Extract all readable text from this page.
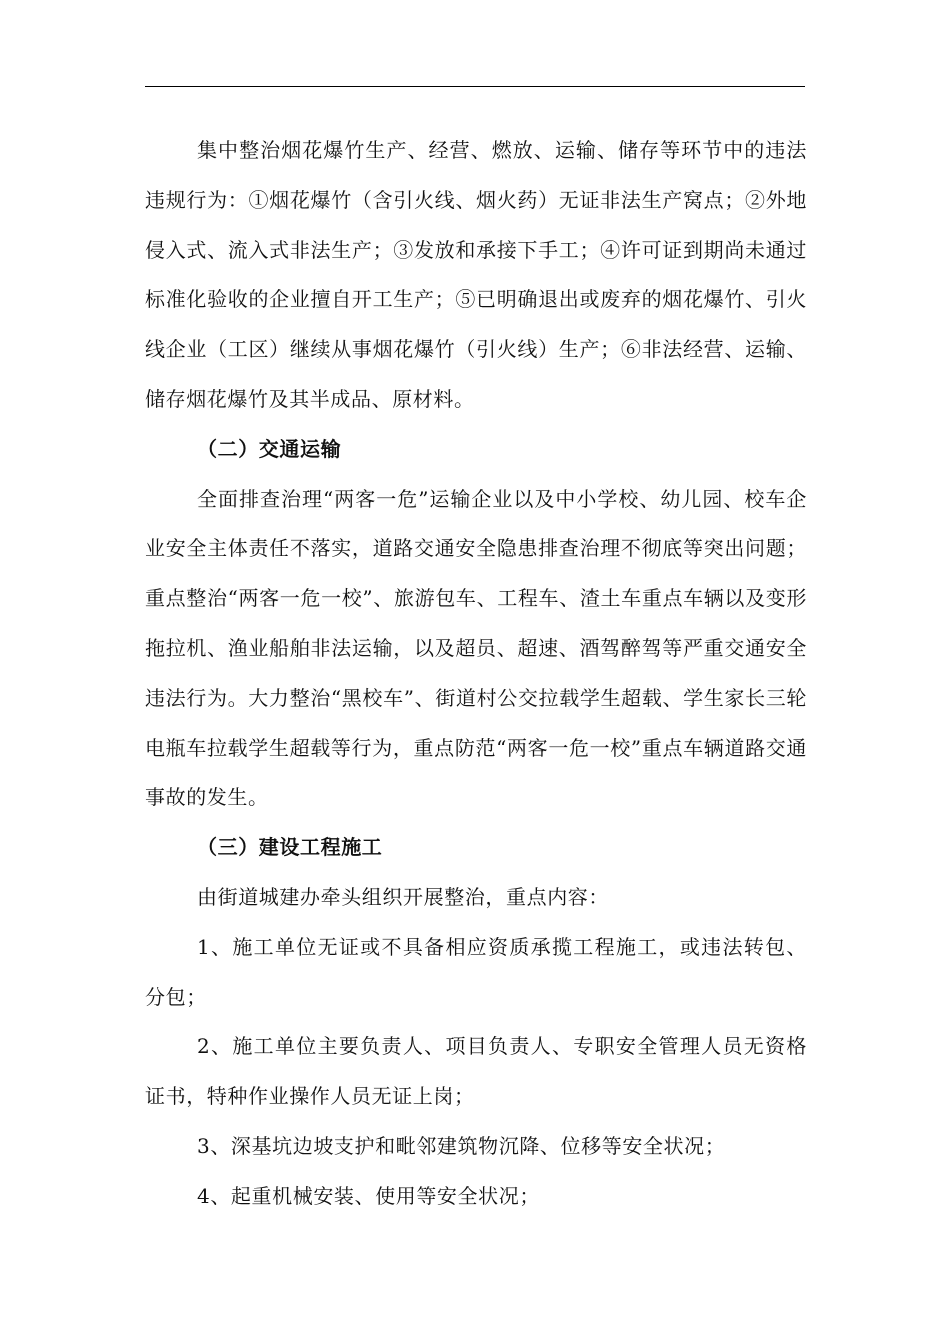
集中整治烟花爆竹生产、经营、燃放、运输、储存等环节中的违法违规行为：①烟花爆竹（含引火线、烟火药）无证非法生产窝点；②外地侵入式、流入式非法生产；③发放和承接下手工；④许可证到期尚未通过标准化验收的企业擅自开工生产；⑤已明确退出或废弃的烟花爆竹、引火线企业（工区）继续从事烟花爆竹（引火线）生产；⑥非法经营、运输、储存烟花爆竹及其半成品、原材料。

（二）交通运输

全面排查治理“两客一危”运输企业以及中小学校、幼儿园、校车企业安全主体责任不落实，道路交通安全隐患排查治理不彻底等突出问题；重点整治“两客一危一校”、旅游包车、工程车、渣土车重点车辆以及变形拖拉机、渔业船舶非法运输，以及超员、超速、酒驾醉驾等严重交通安全违法行为。大力整治“黑校车”、街道村公交拉载学生超载、学生家长三轮电瓶车拉载学生超载等行为，重点防范“两客一危一校”重点车辆道路交通事故的发生。

（三）建设工程施工

由街道城建办牵头组织开展整治，重点内容：

1、施工单位无证或不具备相应资质承揽工程施工，或违法转包、分包；

2、施工单位主要负责人、项目负责人、专职安全管理人员无资格证书，特种作业操作人员无证上岗；

3、深基坑边坡支护和毗邻建筑物沉降、位移等安全状况；

4、起重机械安装、使用等安全状况；
